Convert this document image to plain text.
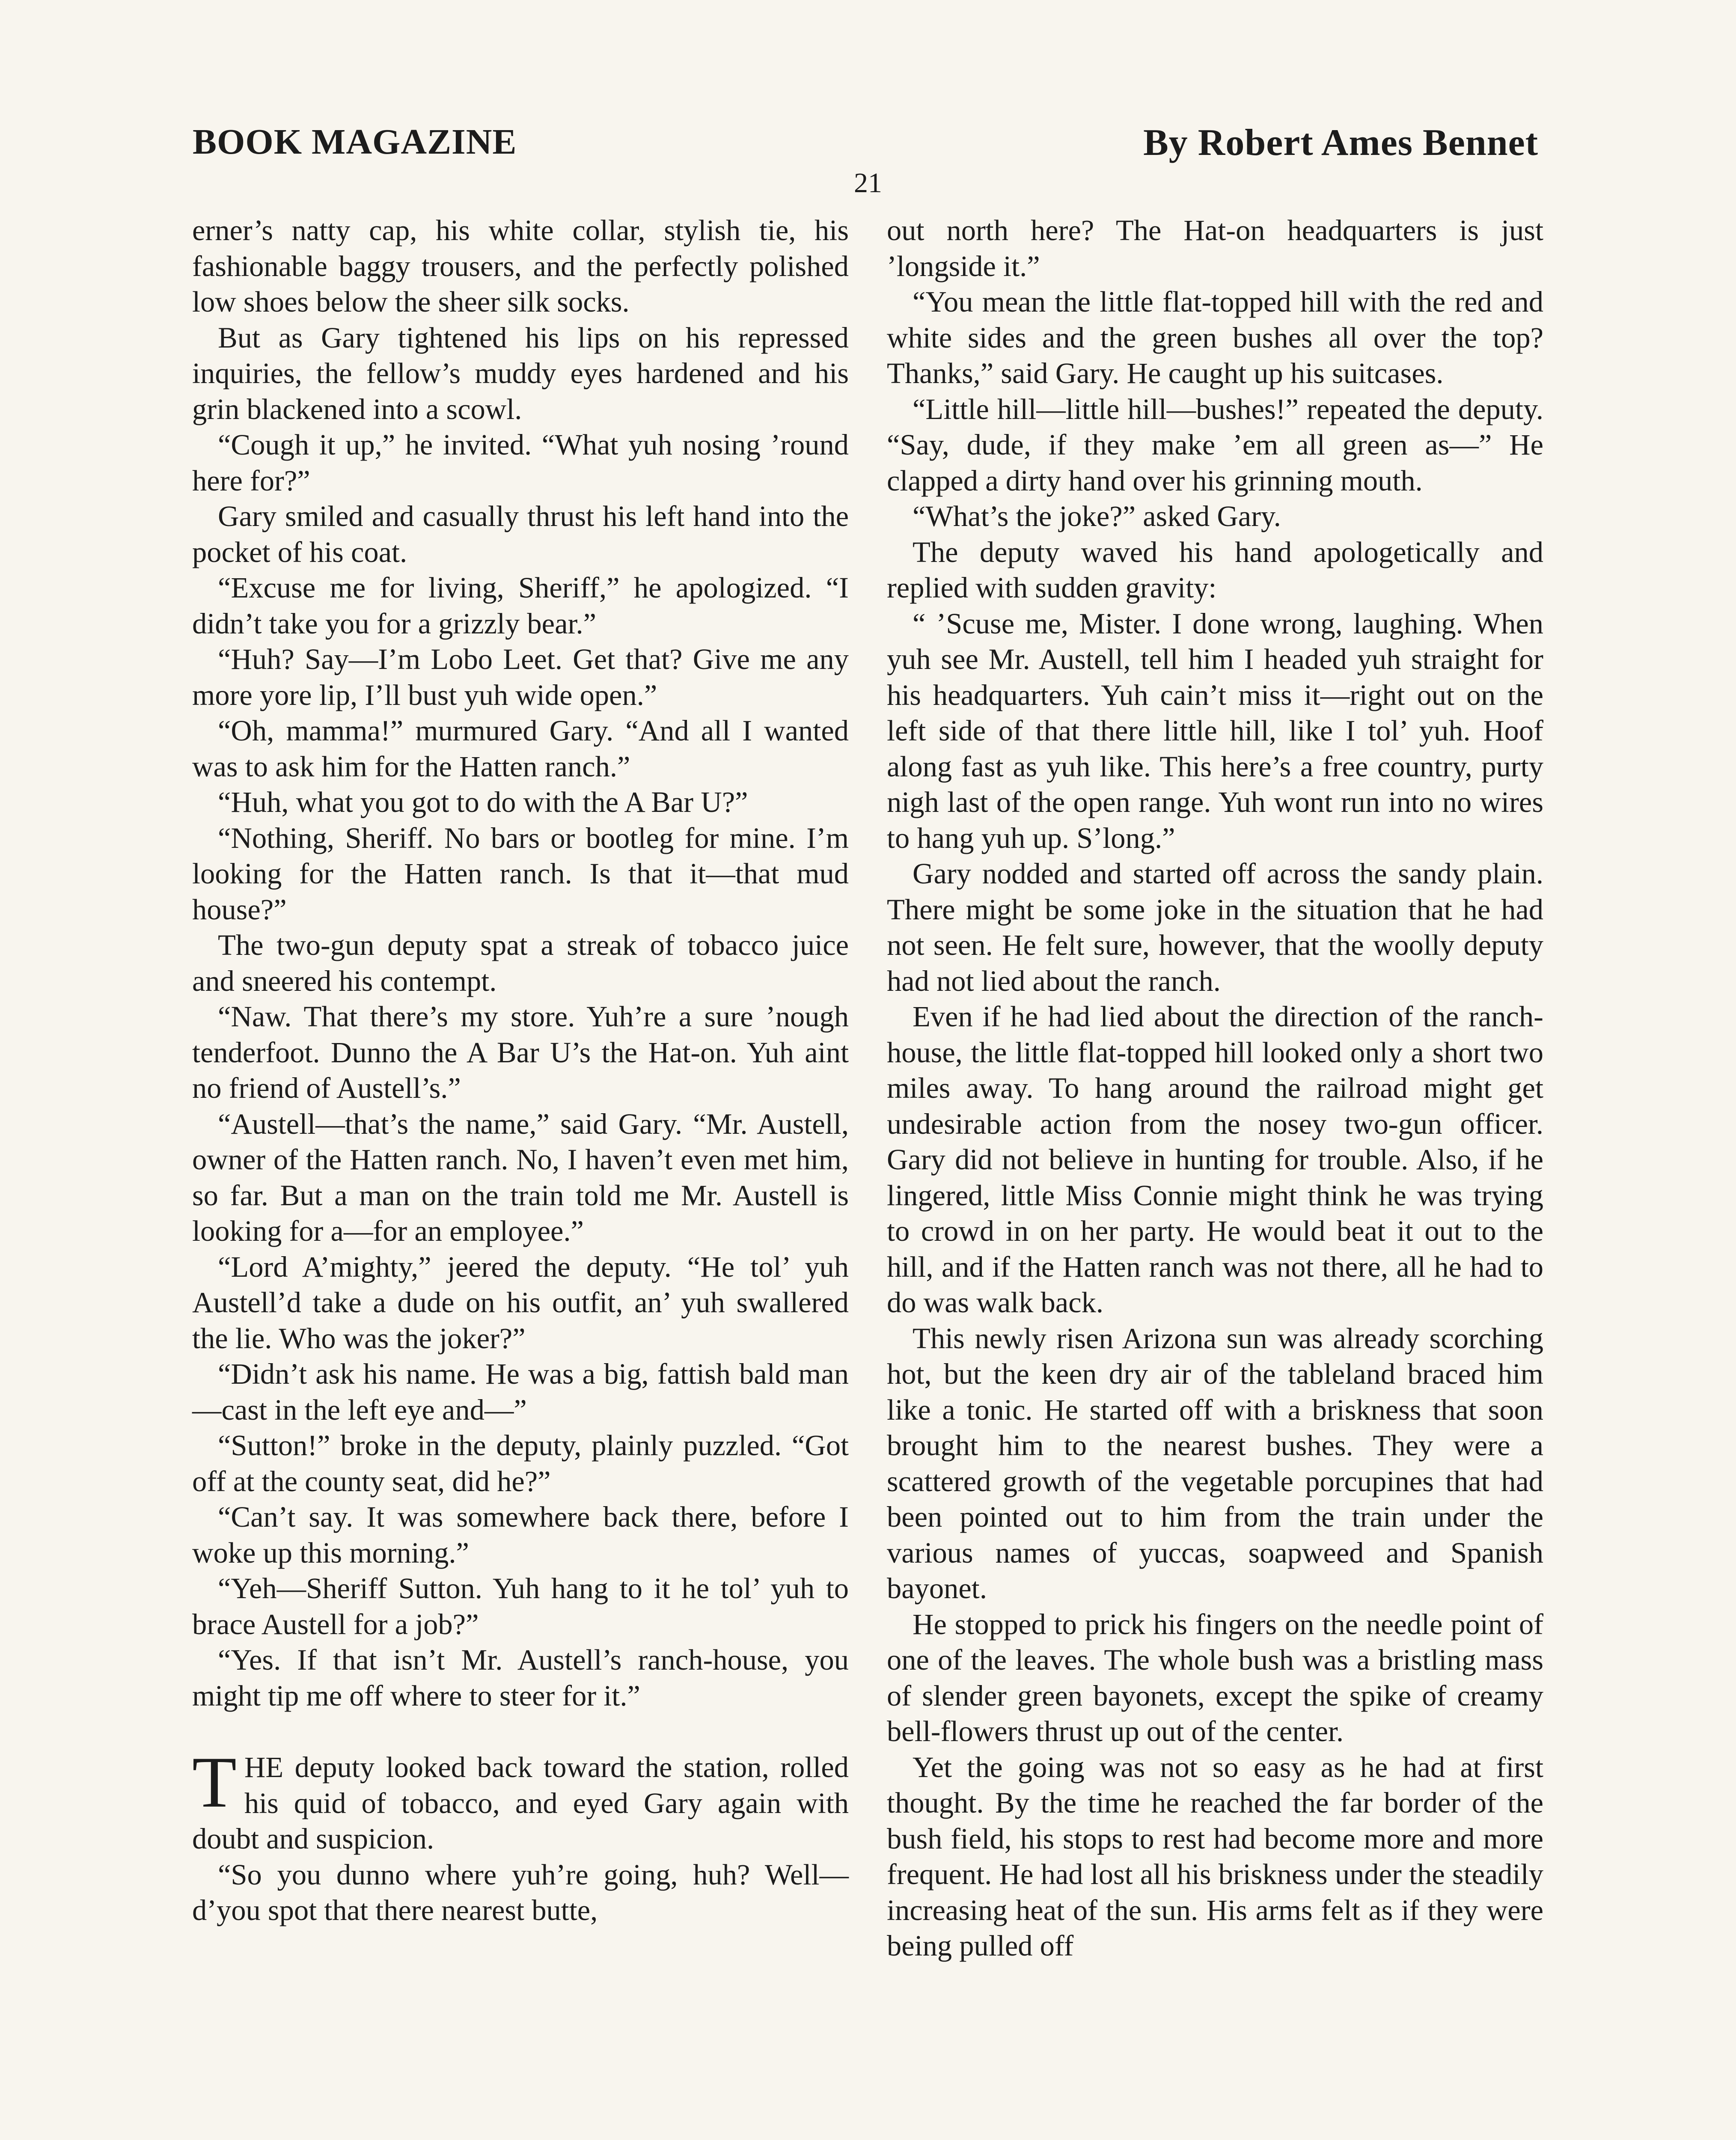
BOOK MAGAZINE	By Robert Ames Bennet
21

erner’s natty cap, his white collar, stylish tie, his fashionable baggy trousers, and the perfectly polished low shoes below the sheer silk socks.

But as Gary tightened his lips on his repressed inquiries, the fellow’s muddy eyes hardened and his grin blackened into a scowl.

“Cough it up,” he invited. “What yuh nosing ’round here for?”

Gary smiled and casually thrust his left hand into the pocket of his coat.

“Excuse me for living, Sheriff,” he apologized. “I didn’t take you for a grizzly bear.”

“Huh? Say—I’m Lobo Leet. Get that? Give me any more yore lip, I’ll bust yuh wide open.”

“Oh, mamma!” murmured Gary. “And all I wanted was to ask him for the Hatten ranch.”

“Huh, what you got to do with the A Bar U?”

“Nothing, Sheriff. No bars or bootleg for mine. I’m looking for the Hatten ranch. Is that it—that mud house?”

The two-gun deputy spat a streak of tobacco juice and sneered his contempt.

“Naw. That there’s my store. Yuh’re a sure ’nough tenderfoot. Dunno the A Bar U’s the Hat-on. Yuh aint no friend of Austell’s.”

“Austell—that’s the name,” said Gary. “Mr. Austell, owner of the Hatten ranch. No, I haven’t even met him, so far. But a man on the train told me Mr. Austell is looking for a—for an employee.”

“Lord A’mighty,” jeered the deputy. “He tol’ yuh Austell’d take a dude on his outfit, an’ yuh swallered the lie. Who was the joker?”

“Didn’t ask his name. He was a big, fattish bald man—cast in the left eye and—”

“Sutton!” broke in the deputy, plainly puzzled. “Got off at the county seat, did he?”

“Can’t say. It was somewhere back there, before I woke up this morning.”

“Yeh—Sheriff Sutton. Yuh hang to it he tol’ yuh to brace Austell for a job?”

“Yes. If that isn’t Mr. Austell’s ranch-house, you might tip me off where to steer for it.”

THE deputy looked back toward the station, rolled his quid of tobacco, and eyed Gary again with doubt and suspicion.

“So you dunno where yuh’re going, huh? Well—d’you spot that there nearest butte,

out north here? The Hat-on headquarters is just ’longside it.”

“You mean the little flat-topped hill with the red and white sides and the green bushes all over the top? Thanks,” said Gary. He caught up his suitcases.

“Little hill—little hill—bushes!” repeated the deputy. “Say, dude, if they make ’em all green as—” He clapped a dirty hand over his grinning mouth.

“What’s the joke?” asked Gary.

The deputy waved his hand apologetically and replied with sudden gravity:

“ ’Scuse me, Mister. I done wrong, laughing. When yuh see Mr. Austell, tell him I headed yuh straight for his headquarters. Yuh cain’t miss it—right out on the left side of that there little hill, like I tol’ yuh. Hoof along fast as yuh like. This here’s a free country, purty nigh last of the open range. Yuh wont run into no wires to hang yuh up. S’long.”

Gary nodded and started off across the sandy plain. There might be some joke in the situation that he had not seen. He felt sure, however, that the woolly deputy had not lied about the ranch.

Even if he had lied about the direction of the ranch-house, the little flat-topped hill looked only a short two miles away. To hang around the railroad might get undesirable action from the nosey two-gun officer. Gary did not believe in hunting for trouble. Also, if he lingered, little Miss Connie might think he was trying to crowd in on her party. He would beat it out to the hill, and if the Hatten ranch was not there, all he had to do was walk back.

This newly risen Arizona sun was already scorching hot, but the keen dry air of the tableland braced him like a tonic. He started off with a briskness that soon brought him to the nearest bushes. They were a scattered growth of the vegetable porcupines that had been pointed out to him from the train under the various names of yuccas, soapweed and Spanish bayonet.

He stopped to prick his fingers on the needle point of one of the leaves. The whole bush was a bristling mass of slender green bayonets, except the spike of creamy bell-flowers thrust up out of the center.

Yet the going was not so easy as he had at first thought. By the time he reached the far border of the bush field, his stops to rest had become more and more frequent. He had lost all his briskness under the steadily increasing heat of the sun. His arms felt as if they were being pulled off
